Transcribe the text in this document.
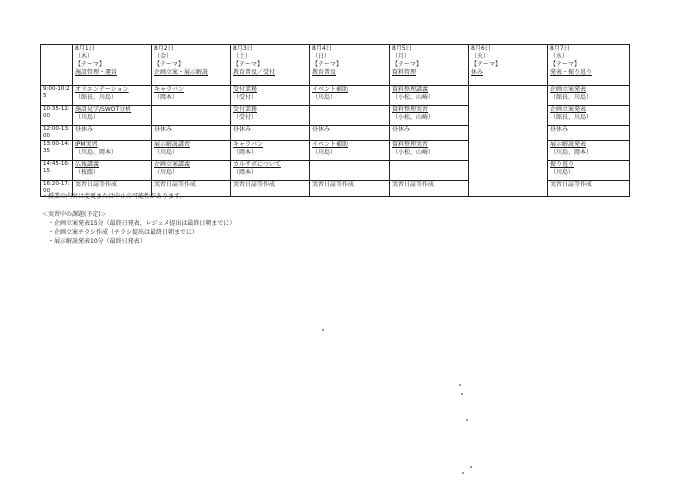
	8月1日
（木）
【テーマ】
施設管理・運営	8月2日
（金）
【テーマ】
企画立案・展示解説	8月3日
（土）
【テーマ】
教育普及／受付	8月4日
（日）
【テーマ】
教育普及	8月5日
（月）
【テーマ】
資料管理	8月6日
（火）
【テーマ】
休み	8月7日
（水）
【テーマ】
発表・振り返り

9:00-10:25	オリエンテーション
（館長、川島）	キャラバン
（岡本）	受付業務
（受付）	イベント補助
（川島）	資料整理講義
（小松、山崎）		企画立案発表
（館長、川島）

10:35-12:00	施設見学/SWOT分析
（川島）		受付業務
（受付）		資料整理実習
（小松、山崎）		企画立案発表
（館長、川島）

12:00-13:00	昼休み	昼休み	昼休み	昼休み	昼休み		昼休み

13:00-14:35	IPM実習
（川島、岡本）	展示解説講習
（川島）	キャラバン
（岡本）	イベント補助
（川島）	資料整理実習
（小松、山崎）		展示解説発表
（川島、岡本）

14:45-16:15	広報講義
（桜蔭）	企画立案講義
（川島）	カルサボについて
（岡本）				振り返り
（川島）

16:20-17:00	実習日誌等作成	実習日誌等作成	実習日誌等作成	実習日誌等作成	実習日誌等作成		実習日誌等作成
・授業の内容は変更または中止の可能性があります。
＜実習中の課題(予定)＞
・企画立案発表15分（最終日発表、レジュメ提出は最終日朝までに）
・企画立案チラシ作成（チラシ提出は最終日朝までに）
・展示解説発表10分（最終日発表）
